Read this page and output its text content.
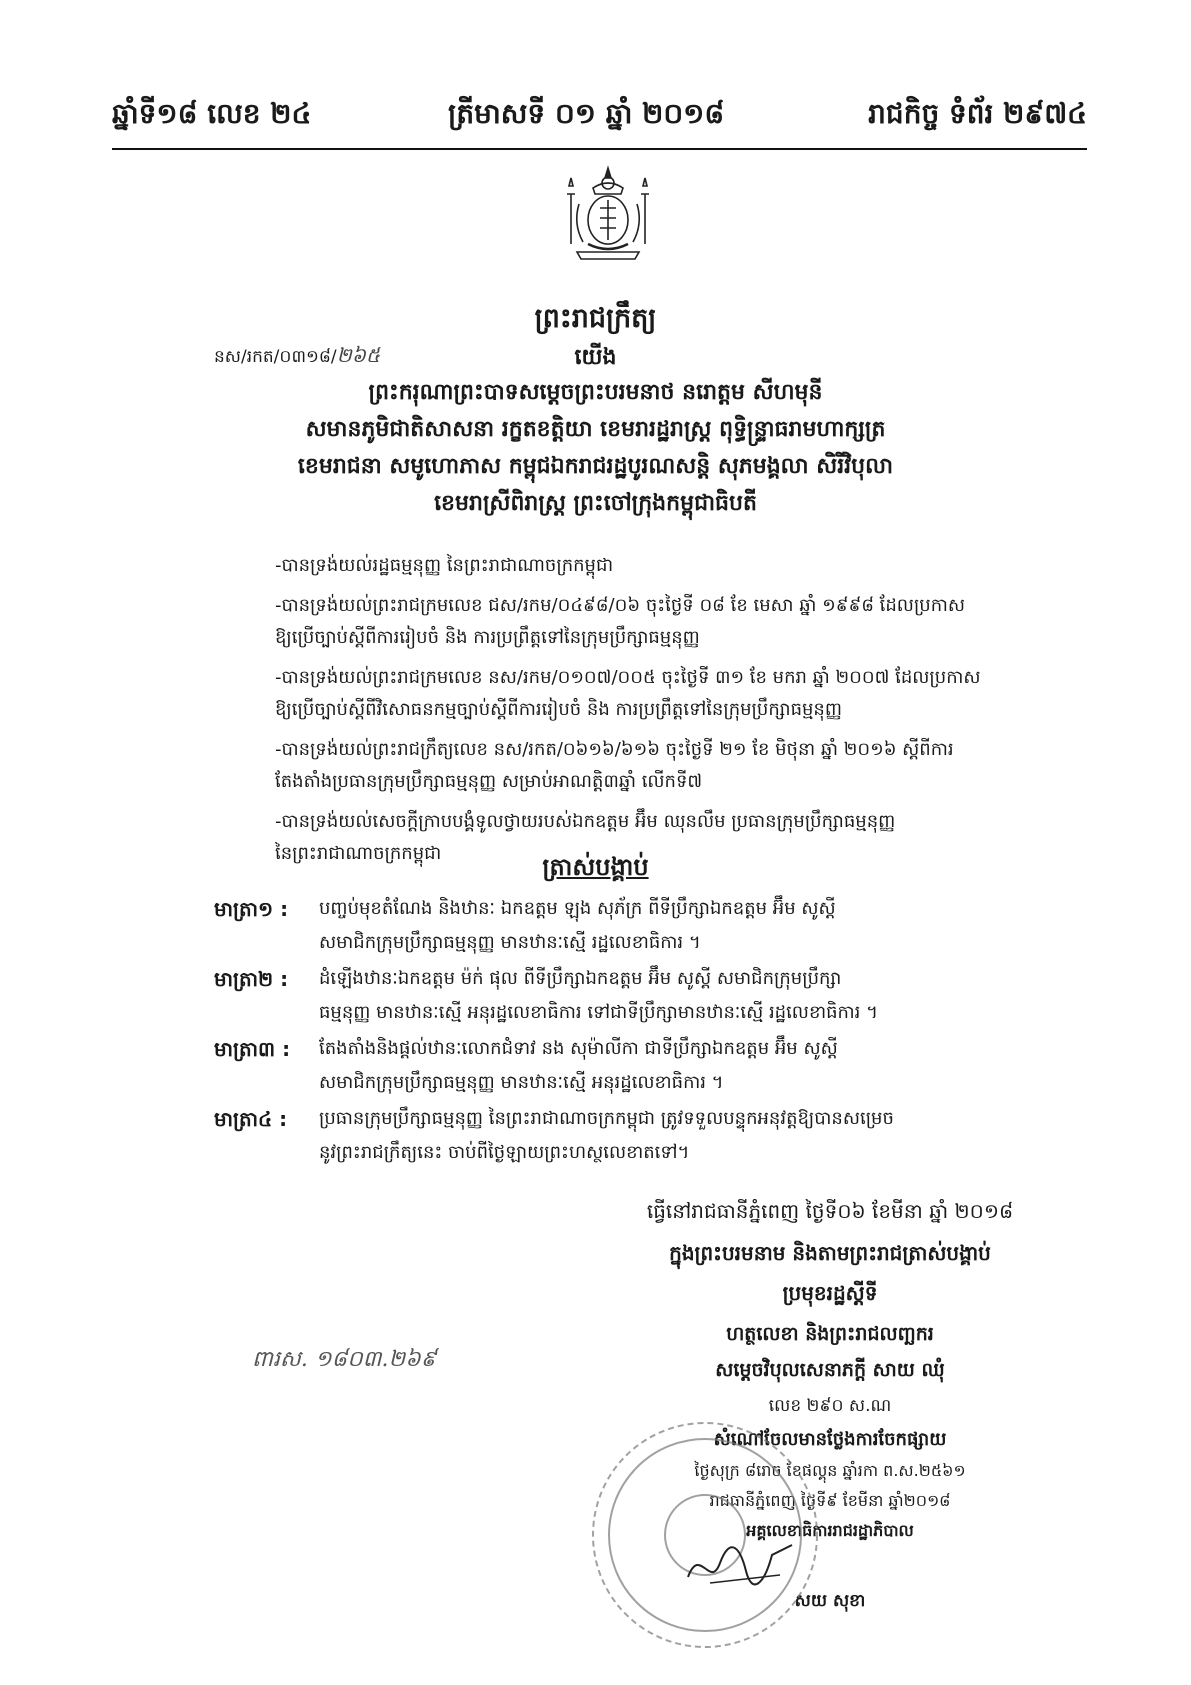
ឆ្នាំទី១៨ លេខ ២៤	ត្រីមាសទី ០១ ឆ្នាំ ២០១៨	រាជកិច្ច ទំព័រ ២៩៧៤
ព្រះរាជក្រឹត្យ
នស/រកត/០៣១៨/២៦៥	យើង
ព្រះករុណាព្រះបាទសម្តេចព្រះបរមនាថ នរោត្តម សីហមុនី
សមានភូមិជាតិសាសនា រក្ខតខត្តិយា ខេមរារដ្ឋរាស្ត្រ ពុទ្ធិន្ទ្រាធរាមហាក្សត្រ
ខេមរាជនា សមូហោភាស កម្ពុជឯករាជរដ្ឋបូរណសន្តិ សុភមង្គលា សិរីវិបុលា
ខេមរាស្រីពិរាស្ត្រ ព្រះចៅក្រុងកម្ពុជាធិបតី
-បានទ្រង់យល់រដ្ឋធម្មនុញ្ញ នៃព្រះរាជាណាចក្រកម្ពុជា
-បានទ្រង់យល់ព្រះរាជក្រមលេខ ជស/រកម/០៤៩៨/០៦ ចុះថ្ងៃទី ០៨ ខែ មេសា ឆ្នាំ ១៩៩៨ ដែលប្រកាស
ឱ្យប្រើច្បាប់ស្តីពីការរៀបចំ និង ការប្រព្រឹត្តទៅនៃក្រុមប្រឹក្សាធម្មនុញ្ញ
-បានទ្រង់យល់ព្រះរាជក្រមលេខ នស/រកម/០១០៧/០០៥ ចុះថ្ងៃទី ៣១ ខែ មករា ឆ្នាំ ២០០៧ ដែលប្រកាស
ឱ្យប្រើច្បាប់ស្តីពីវិសោធនកម្មច្បាប់ស្តីពីការរៀបចំ និង ការប្រព្រឹត្តទៅនៃក្រុមប្រឹក្សាធម្មនុញ្ញ
-បានទ្រង់យល់ព្រះរាជក្រឹត្យលេខ នស/រកត/០៦១៦/៦១៦ ចុះថ្ងៃទី ២១ ខែ មិថុនា ឆ្នាំ ២០១៦ ស្តីពីការ
តែងតាំងប្រធានក្រុមប្រឹក្សាធម្មនុញ្ញ សម្រាប់អាណត្តិ៣ឆ្នាំ លើកទី៧
-បានទ្រង់យល់សេចក្តីក្រាបបង្គំទូលថ្វាយរបស់ឯកឧត្តម អ៊ឹម ឈុនលឹម ប្រធានក្រុមប្រឹក្សាធម្មនុញ្ញ
នៃព្រះរាជាណាចក្រកម្ពុជា	ត្រាស់បង្គាប់
មាត្រា១ :	បញ្ចប់មុខតំណែង និងឋានៈ ឯកឧត្តម ឡុង សុភ័ក្រ ពីទីប្រឹក្សាឯកឧត្តម អ៊ឹម សូស្តី
សមាជិកក្រុមប្រឹក្សាធម្មនុញ្ញ មានឋានៈស្មើ រដ្ឋលេខាធិការ ។
មាត្រា២ :	ដំឡើងឋានៈឯកឧត្តម ម៉ក់ ផុល ពីទីប្រឹក្សាឯកឧត្តម អ៊ឹម សូស្តី សមាជិកក្រុមប្រឹក្សា
ធម្មនុញ្ញ មានឋានៈស្មើ អនុរដ្ឋលេខាធិការ ទៅជាទីប្រឹក្សាមានឋានៈស្មើ រដ្ឋលេខាធិការ ។
មាត្រា៣ :	តែងតាំងនិងផ្តល់ឋានៈលោកជំទាវ នង សុម៉ាលីកា ជាទីប្រឹក្សាឯកឧត្តម អ៊ឹម សូស្តី
សមាជិកក្រុមប្រឹក្សាធម្មនុញ្ញ មានឋានៈស្មើ អនុរដ្ឋលេខាធិការ ។
មាត្រា៤ :	ប្រធានក្រុមប្រឹក្សាធម្មនុញ្ញ នៃព្រះរាជាណាចក្រកម្ពុជា ត្រូវទទួលបន្ទុកអនុវត្តឱ្យបានសម្រេច
នូវព្រះរាជក្រឹត្យនេះ ចាប់ពីថ្ងៃឡាយព្រះហស្ថលេខាតទៅ។
ធ្វើនៅរាជធានីភ្នំពេញ ថ្ងៃទី០៦ ខែមីនា ឆ្នាំ ២០១៨
ក្នុងព្រះបរមនាម និងតាមព្រះរាជត្រាស់បង្គាប់
ប្រមុខរដ្ឋស្តីទី
ហត្ថលេខា និងព្រះរាជលញ្ឆករ
សម្តេចវិបុលសេនាភក្តី សាយ ឈុំ
លេខ ២៩០ ស.ណ
សំណៅចែលមានថ្លែងការចែកផ្សាយ
ថ្ងៃសុក្រ ៨រោច ខែផល្គុន ឆ្នាំរកា ព.ស.២៥៦១
រាជធានីភ្នំពេញ ថ្ងៃទី៩ ខែមីនា ឆ្នាំ២០១៨
អគ្គលេខាធិការរាជរដ្ឋាភិបាល
សយ សុខា
ពារស. ១៨០៣.២៦៩
